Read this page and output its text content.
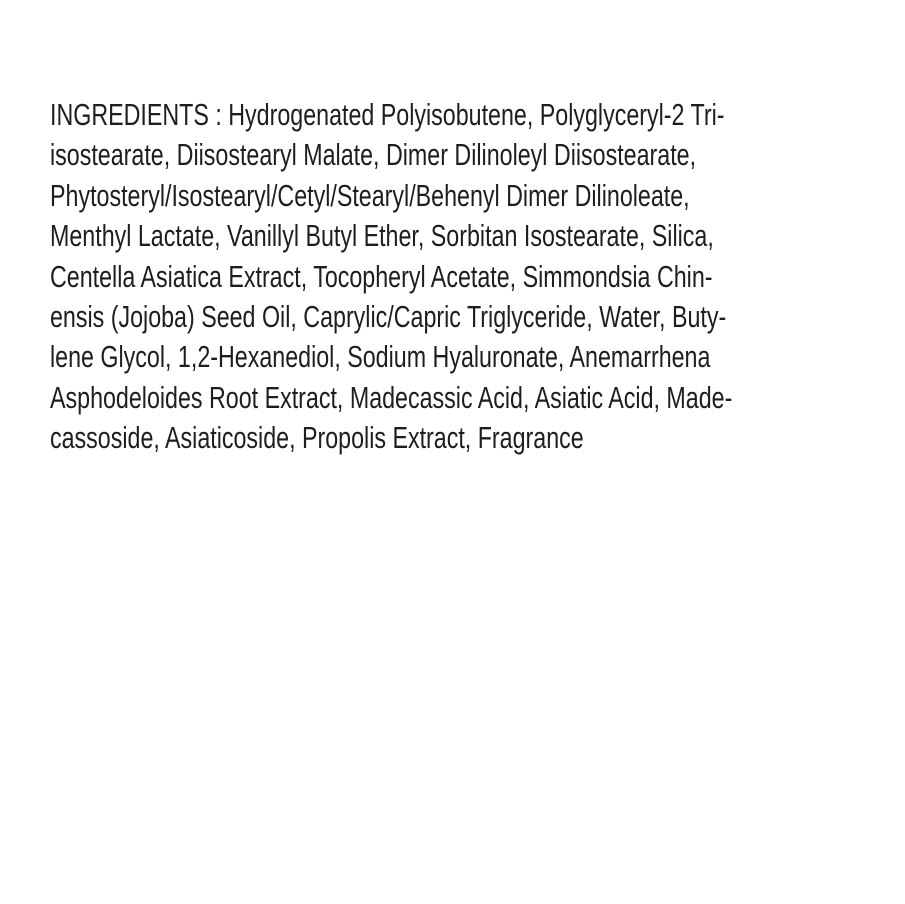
INGREDIENTS : Hydrogenated Polyisobutene, Polyglyceryl-2 Tri-
isostearate, Diisostearyl Malate, Dimer Dilinoleyl Diisostearate,
Phytosteryl/Isostearyl/Cetyl/Stearyl/Behenyl Dimer Dilinoleate,
Menthyl Lactate, Vanillyl Butyl Ether, Sorbitan Isostearate, Silica,
Centella Asiatica Extract, Tocopheryl Acetate, Simmondsia Chin-
ensis (Jojoba) Seed Oil, Caprylic/Capric Triglyceride, Water, Buty-
lene Glycol, 1,2-Hexanediol, Sodium Hyaluronate, Anemarrhena
Asphodeloides Root Extract, Madecassic Acid, Asiatic Acid, Made-
cassoside, Asiaticoside, Propolis Extract, Fragrance
